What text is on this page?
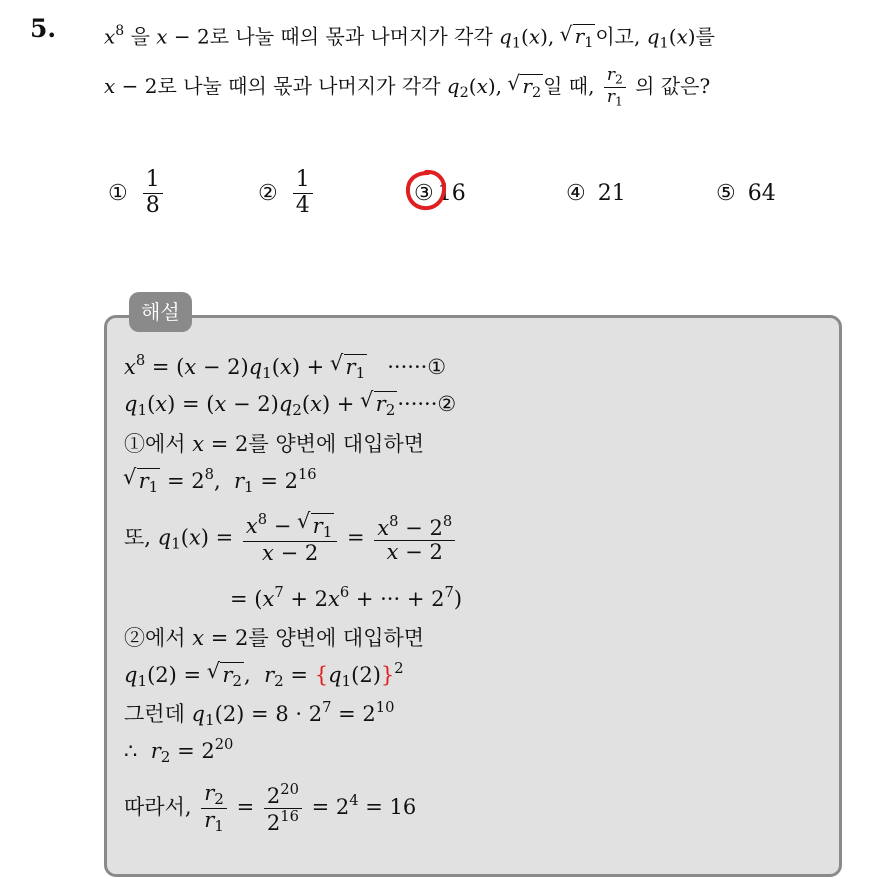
5. $x^8$ 을 x − 2로 나눌 때의 몫과 나머지가 각각 $q_1(x)$, √ $r_1$ 이고, $q_1(x)$를
x − 2로 나눌 때의 몫과 나머지가 각각 $q_2(x)$, √ $r_2$ 일 때, $\frac{r_2}{r_1}$ 의 값은?
① $\frac{1}{8}$	② $\frac{1}{4}$	③ 16	④ 21	⑤ 64
해설
$x^8 = (x - 2)q_1(x)$ + √ $r_1$   ······①
$q_1(x) = (x - 2)q_2(x)$ + √ $r_2\cdot\cdot\cdot\cdot\cdot\cdot ②$
①에서 x = 2를 양변에 대입하면
√ $r_1 = 2^8$,  $r_1 = 2^{16}$
또, $q_1(x) = \frac{x^8 - √ r_1}{x - 2} = \frac{x^8 - 2^8}{x - 2}$
= ($x^7 + 2x^6$ + ··· + $2^7$)
②에서 x = 2를 양변에 대입하면
$q_1(2)$ = √ $r_2$,  $r_2 = \{q_1(2)\}^2$
그런데 $q_1(2) = 8 \cdot 2^7 = 2^{10}$
∴  $r_2 = 2^{20}$
따라서, $\frac{r_2}{r_1} = \frac{2^{20}}{2^{16}} = 2^4 = 16$
